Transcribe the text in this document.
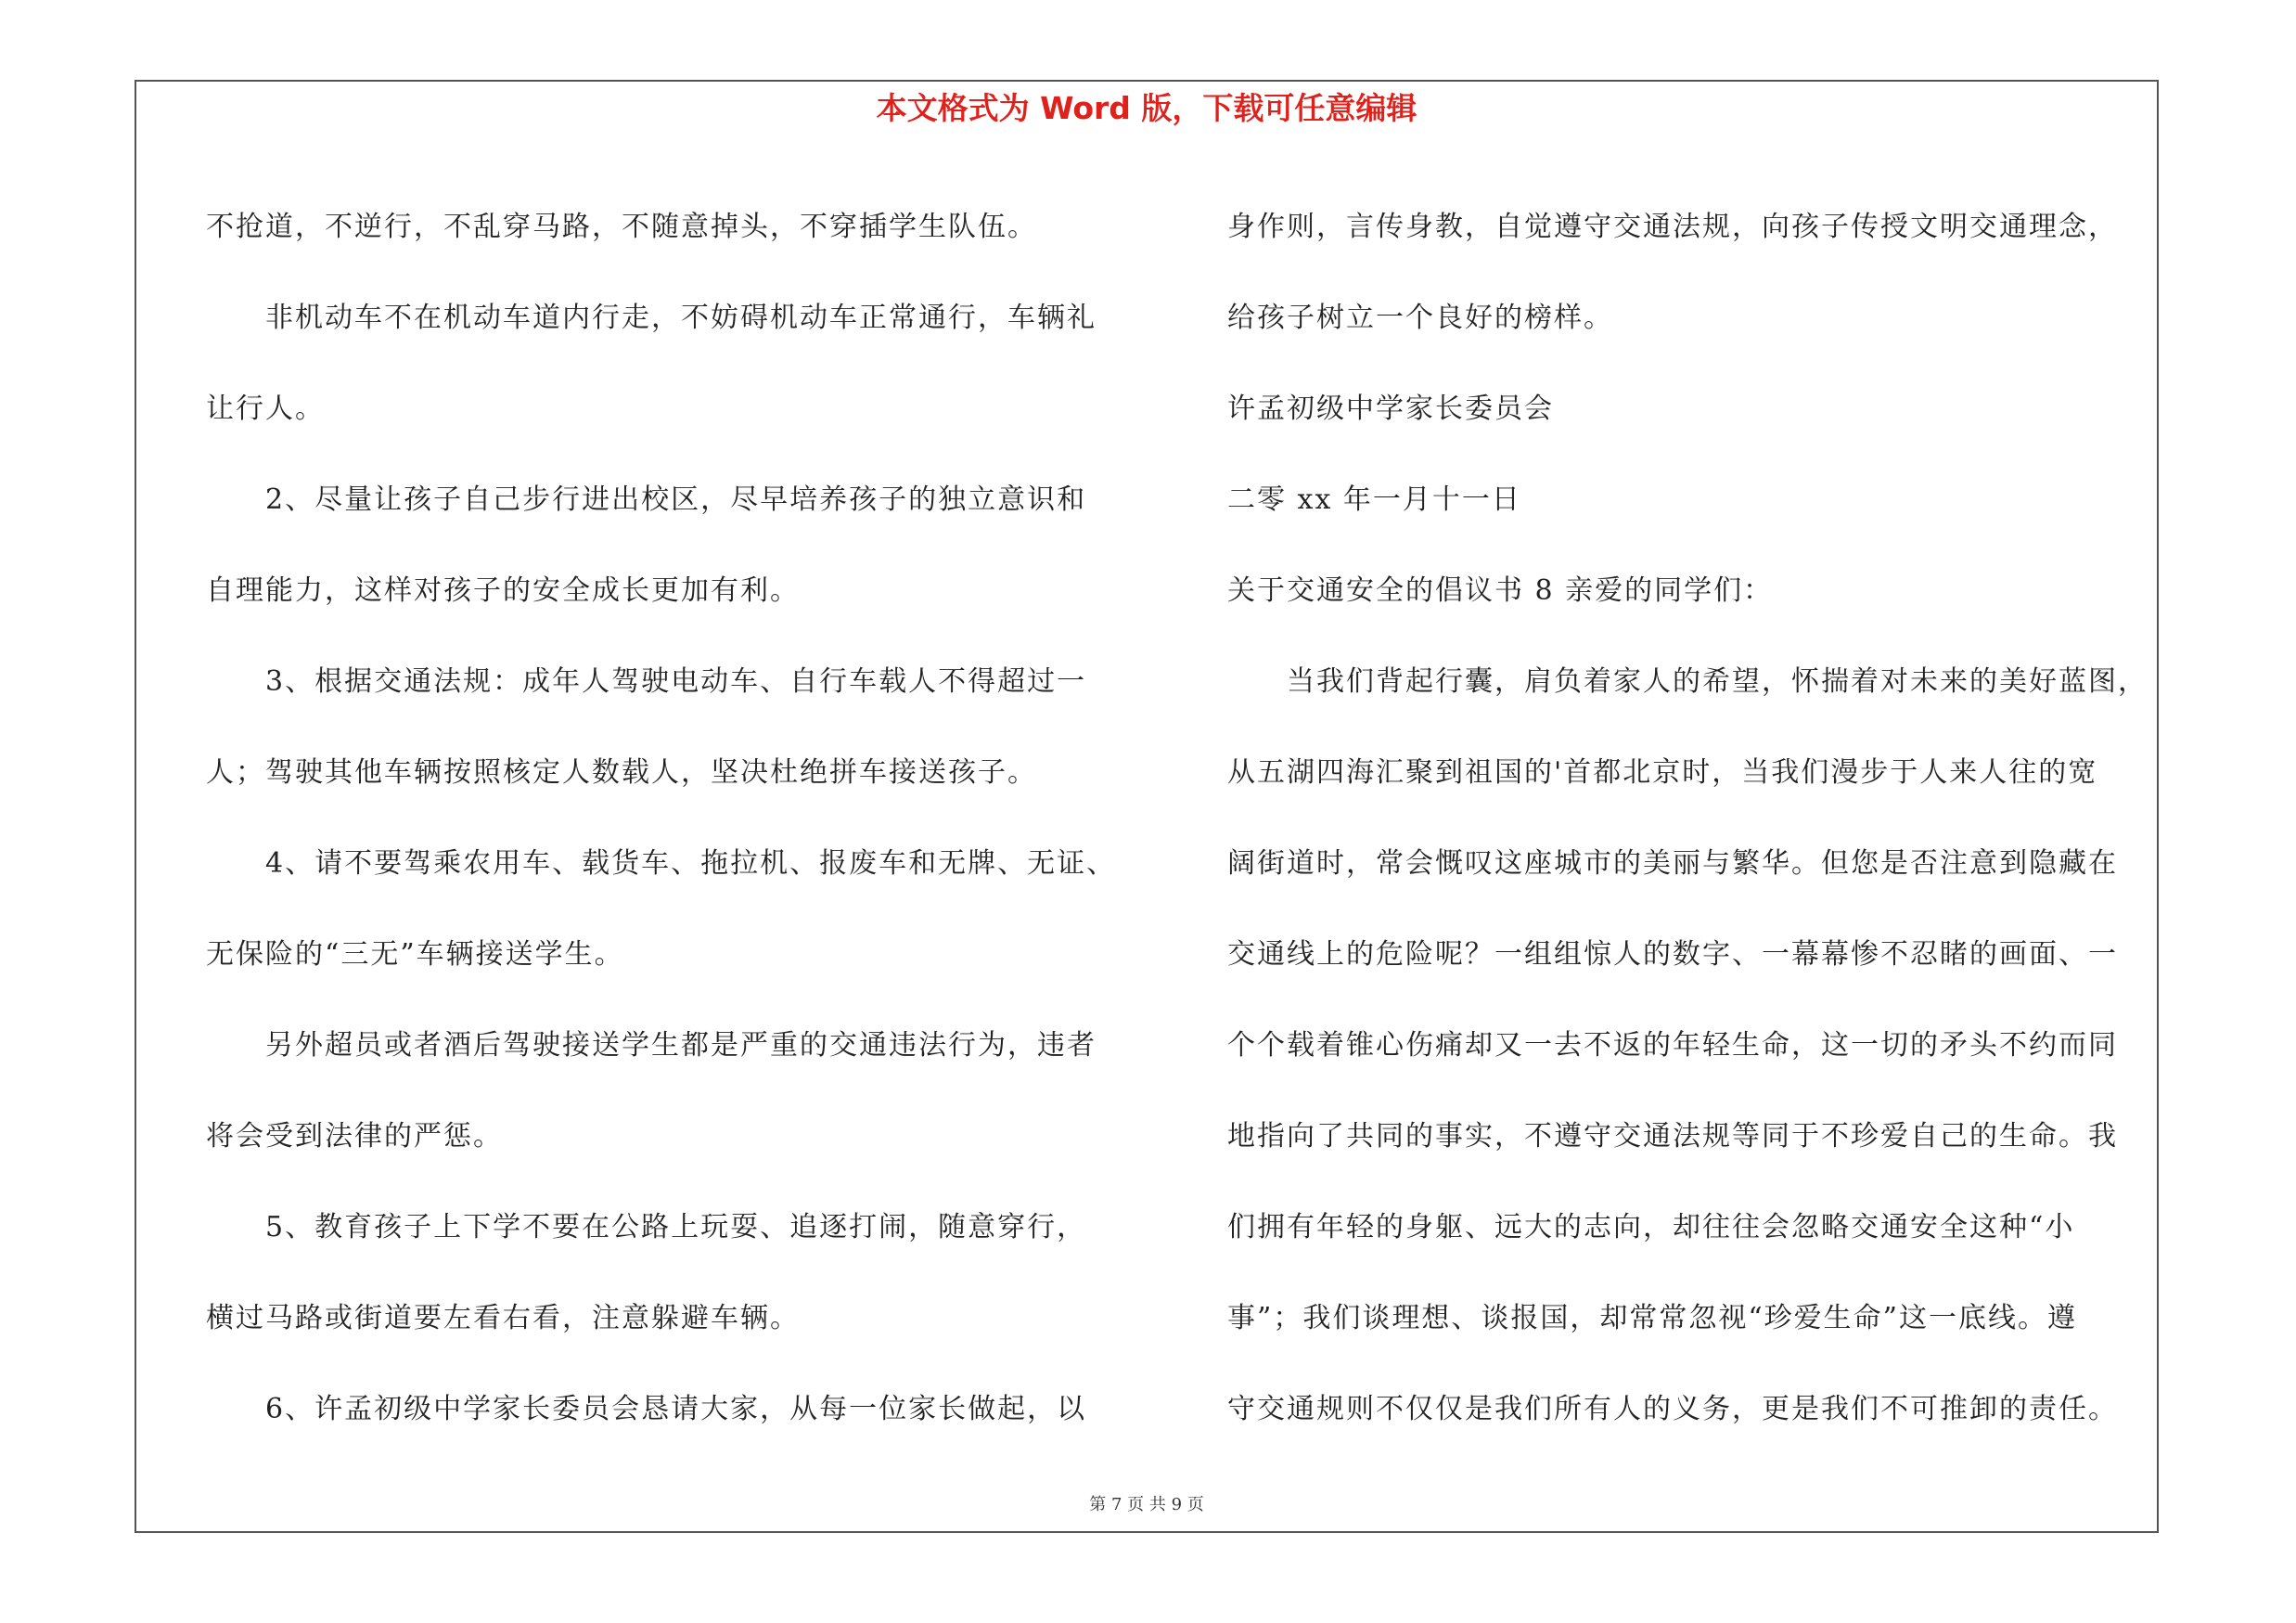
本文格式为 Word 版，下载可任意编辑

不抢道，不逆行，不乱穿马路，不随意掉头，不穿插学生队伍。

　　非机动车不在机动车道内行走，不妨碍机动车正常通行，车辆礼

让行人。

　　2、尽量让孩子自己步行进出校区，尽早培养孩子的独立意识和

自理能力，这样对孩子的安全成长更加有利。

　　3、根据交通法规：成年人驾驶电动车、自行车载人不得超过一

人；驾驶其他车辆按照核定人数载人，坚决杜绝拼车接送孩子。

　　4、请不要驾乘农用车、载货车、拖拉机、报废车和无牌、无证、

无保险的“三无”车辆接送学生。

　　另外超员或者酒后驾驶接送学生都是严重的交通违法行为，违者

将会受到法律的严惩。

　　5、教育孩子上下学不要在公路上玩耍、追逐打闹，随意穿行，

横过马路或街道要左看右看，注意躲避车辆。

　　6、许孟初级中学家长委员会恳请大家，从每一位家长做起，以

身作则，言传身教，自觉遵守交通法规，向孩子传授文明交通理念，

给孩子树立一个良好的榜样。

许孟初级中学家长委员会

二零 xx 年一月十一日

关于交通安全的倡议书 8 亲爱的同学们：

　　当我们背起行囊，肩负着家人的希望，怀揣着对未来的美好蓝图，

从五湖四海汇聚到祖国的'首都北京时，当我们漫步于人来人往的宽

阔街道时，常会慨叹这座城市的美丽与繁华。但您是否注意到隐藏在

交通线上的危险呢？一组组惊人的数字、一幕幕惨不忍睹的画面、一

个个载着锥心伤痛却又一去不返的年轻生命，这一切的矛头不约而同

地指向了共同的事实，不遵守交通法规等同于不珍爱自己的生命。我

们拥有年轻的身躯、远大的志向，却往往会忽略交通安全这种“小

事”；我们谈理想、谈报国，却常常忽视“珍爱生命”这一底线。遵

守交通规则不仅仅是我们所有人的义务，更是我们不可推卸的责任。

第 7 页 共 9 页
